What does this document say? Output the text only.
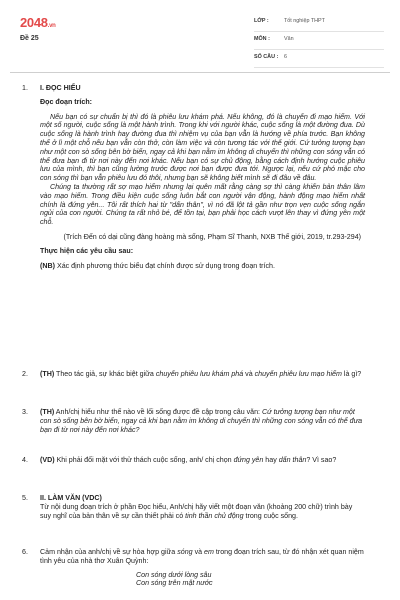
2048.vn
Đề 25
LỚP :	Tốt nghiệp THPT
MÔN :	Văn
SỐ CÂU :	6
1. I. ĐỌC HIỂU
Đọc đoạn trích:

Nếu bạn có sự chuẩn bị thì đó là phiêu lưu khám phá. Nếu không, đó là chuyến đi mạo hiểm. Với một số người, cuộc sống là một hành trình. Trong khi với người khác, cuộc sống là một đường đua. Dù cuộc sống là hành trình hay đường đua thì nhiệm vụ của bạn vẫn là hướng về phía trước. Bạn không thể ở lì một chỗ nếu bạn vẫn còn thở, còn làm việc và còn tương tác với thế giới. Cứ tưởng tượng bạn như một con sò sống bên bờ biển, ngay cả khi bạn nằm im không di chuyển thì những con sóng vẫn có thể đưa bạn đi từ nơi này đến nơi khác. Nếu bạn có sự chủ động, bằng cách định hướng cuộc phiêu lưu của mình, thì bạn cũng lường trước được nơi bạn được đưa tới. Ngược lại, nếu cứ phó mặc cho con sóng thì bạn vẫn phiêu lưu đó thôi, nhưng bạn sẽ không biết mình sẽ đi đâu về đâu.

Chúng ta thường rất sợ mạo hiểm nhưng lại quên mất rằng càng sợ thì càng khiến bản thân lâm vào mạo hiểm. Trong điều kiện cuộc sống luôn bắt con người vận động, hành động mạo hiểm nhất chính là đứng yên... Tôi rất thích hai từ "dấn thân", vì nó đã lột tả gần như trọn vẹn cuộc sống ngắn ngủi của con người. Chúng ta rất nhỏ bé, để tồn tại, bạn phải học cách vượt lên thay vì đứng yên một chỗ.

(Trích Đến có dại cũng đàng hoàng mà sống, Phạm Sĩ Thanh, NXB Thế giới, 2019, tr.293-294)
Thực hiện các yêu cầu sau:
(NB) Xác định phương thức biểu đạt chính được sử dụng trong đoạn trích.
2. (TH) Theo tác giả, sự khác biệt giữa chuyến phiêu lưu khám phá và chuyến phiêu lưu mạo hiểm là gì?
3. (TH) Anh/chị hiểu như thế nào về lối sống được đề cập trong câu văn: Cứ tưởng tượng bạn như một con sò sống bên bờ biển, ngay cả khi bạn nằm im không di chuyển thì những con sóng vẫn có thể đưa bạn đi từ nơi này đến nơi khác?
4. (VD) Khi phải đối mặt với thử thách cuộc sống, anh/ chị chọn đứng yên hay dấn thân? Vì sao?
5. II. LÀM VĂN (VDC)
Từ nội dung đoạn trích ở phần Đọc hiểu, Anh/chị hãy viết một đoạn văn (khoảng 200 chữ) trình bày suy nghĩ của bản thân về sự cần thiết phải có tinh thần chủ động trong cuộc sống.
6. Cảm nhận của anh/chị về sự hòa hợp giữa sóng và em trong đoạn trích sau, từ đó nhận xét quan niệm tình yêu của nhà thơ Xuân Quỳnh:
Con sóng dưới lòng sâu
Con sóng trên mặt nước
